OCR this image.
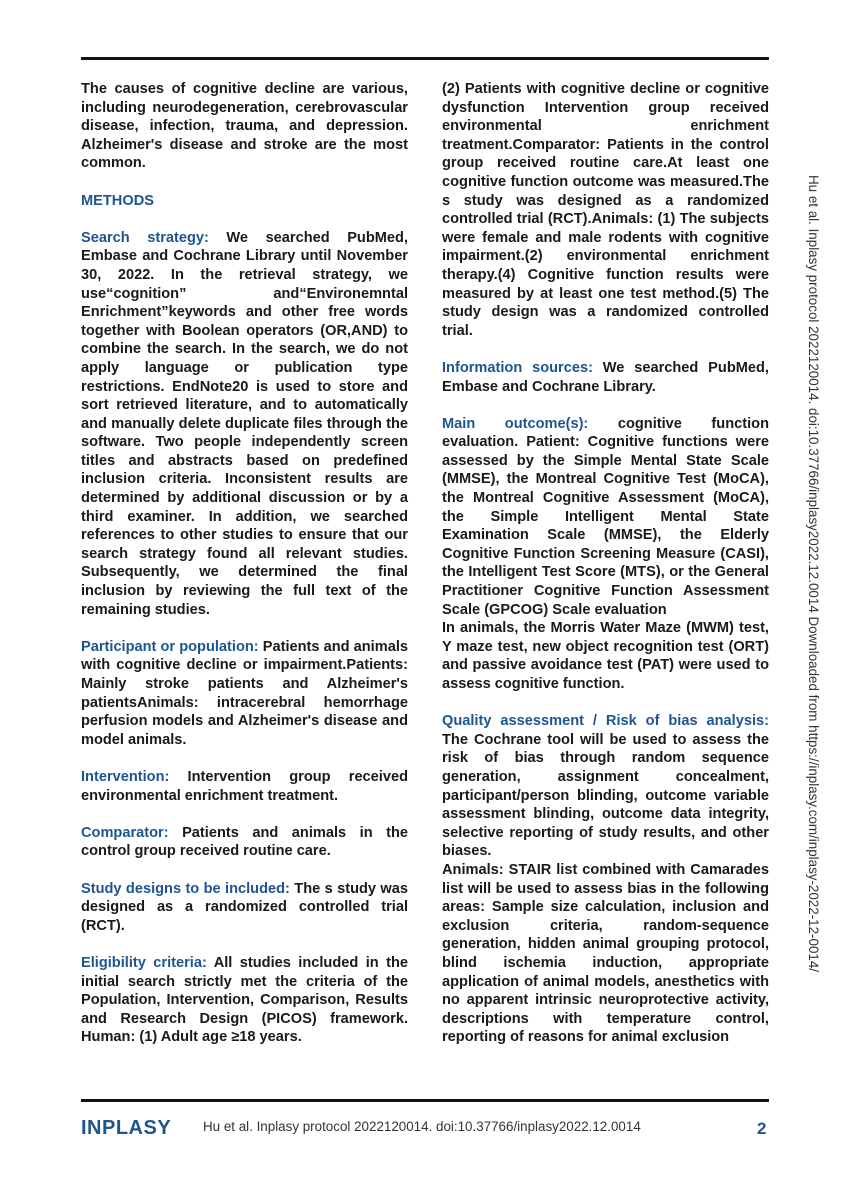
The causes of cognitive decline are various, including neurodegeneration, cerebrovascular disease, infection, trauma, and depression. Alzheimer's disease and stroke are the most common.

METHODS

Search strategy: We searched PubMed, Embase and Cochrane Library until November 30, 2022. In the retrieval strategy, we use“cognition” and“Environemntal Enrichment”keywords and other free words together with Boolean operators (OR,AND) to combine the search. In the search, we do not apply language or publication type restrictions. EndNote20 is used to store and sort retrieved literature, and to automatically and manually delete duplicate files through the software. Two people independently screen titles and abstracts based on predefined inclusion criteria. Inconsistent results are determined by additional discussion or by a third examiner. In addition, we searched references to other studies to ensure that our search strategy found all relevant studies. Subsequently, we determined the final inclusion by reviewing the full text of the remaining studies.

Participant or population: Patients and animals with cognitive decline or impairment.Patients: Mainly stroke patients and Alzheimer's patientsAnimals: intracerebral hemorrhage perfusion models and Alzheimer's disease and model animals.

Intervention: Intervention group received environmental enrichment treatment.

Comparator: Patients and animals in the control group received routine care.

Study designs to be included: The s study was designed as a randomized controlled trial (RCT).

Eligibility criteria: All studies included in the initial search strictly met the criteria of the Population, Intervention, Comparison, Results and Research Design (PICOS) framework. Human: (1) Adult age ≥18 years.

(2) Patients with cognitive decline or cognitive dysfunction Intervention group received environmental enrichment treatment.Comparator: Patients in the control group received routine care.At least one cognitive function outcome was measured.The s study was designed as a randomized controlled trial (RCT).Animals: (1) The subjects were female and male rodents with cognitive impairment.(2) environmental enrichment therapy.(4) Cognitive function results were measured by at least one test method.(5) The study design was a randomized controlled trial.

Information sources: We searched PubMed, Embase and Cochrane Library.

Main outcome(s): cognitive function evaluation. Patient: Cognitive functions were assessed by the Simple Mental State Scale (MMSE), the Montreal Cognitive Test (MoCA), the Montreal Cognitive Assessment (MoCA), the Simple Intelligent Mental State Examination Scale (MMSE), the Elderly Cognitive Function Screening Measure (CASI), the Intelligent Test Score (MTS), or the General Practitioner Cognitive Function Assessment Scale (GPCOG) Scale evaluation

In animals, the Morris Water Maze (MWM) test, Y maze test, new object recognition test (ORT) and passive avoidance test (PAT) were used to assess cognitive function.

Quality assessment / Risk of bias analysis: The Cochrane tool will be used to assess the risk of bias through random sequence generation, assignment concealment, participant/person blinding, outcome variable assessment blinding, outcome data integrity, selective reporting of study results, and other biases.

Animals: STAIR list combined with Camarades list will be used to assess bias in the following areas: Sample size calculation, inclusion and exclusion criteria, random-sequence generation, hidden animal grouping protocol, blind ischemia induction, appropriate application of animal models, anesthetics with no apparent intrinsic neuroprotective activity, descriptions with temperature control, reporting of reasons for animal exclusion

Hu et al. Inplasy protocol 2022120014. doi:10.37766/inplasy2022.12.0014 Downloaded from https://inplasy.com/inplasy-2022-12-0014/
INPLASY Hu et al. Inplasy protocol 2022120014. doi:10.37766/inplasy2022.12.0014	2
